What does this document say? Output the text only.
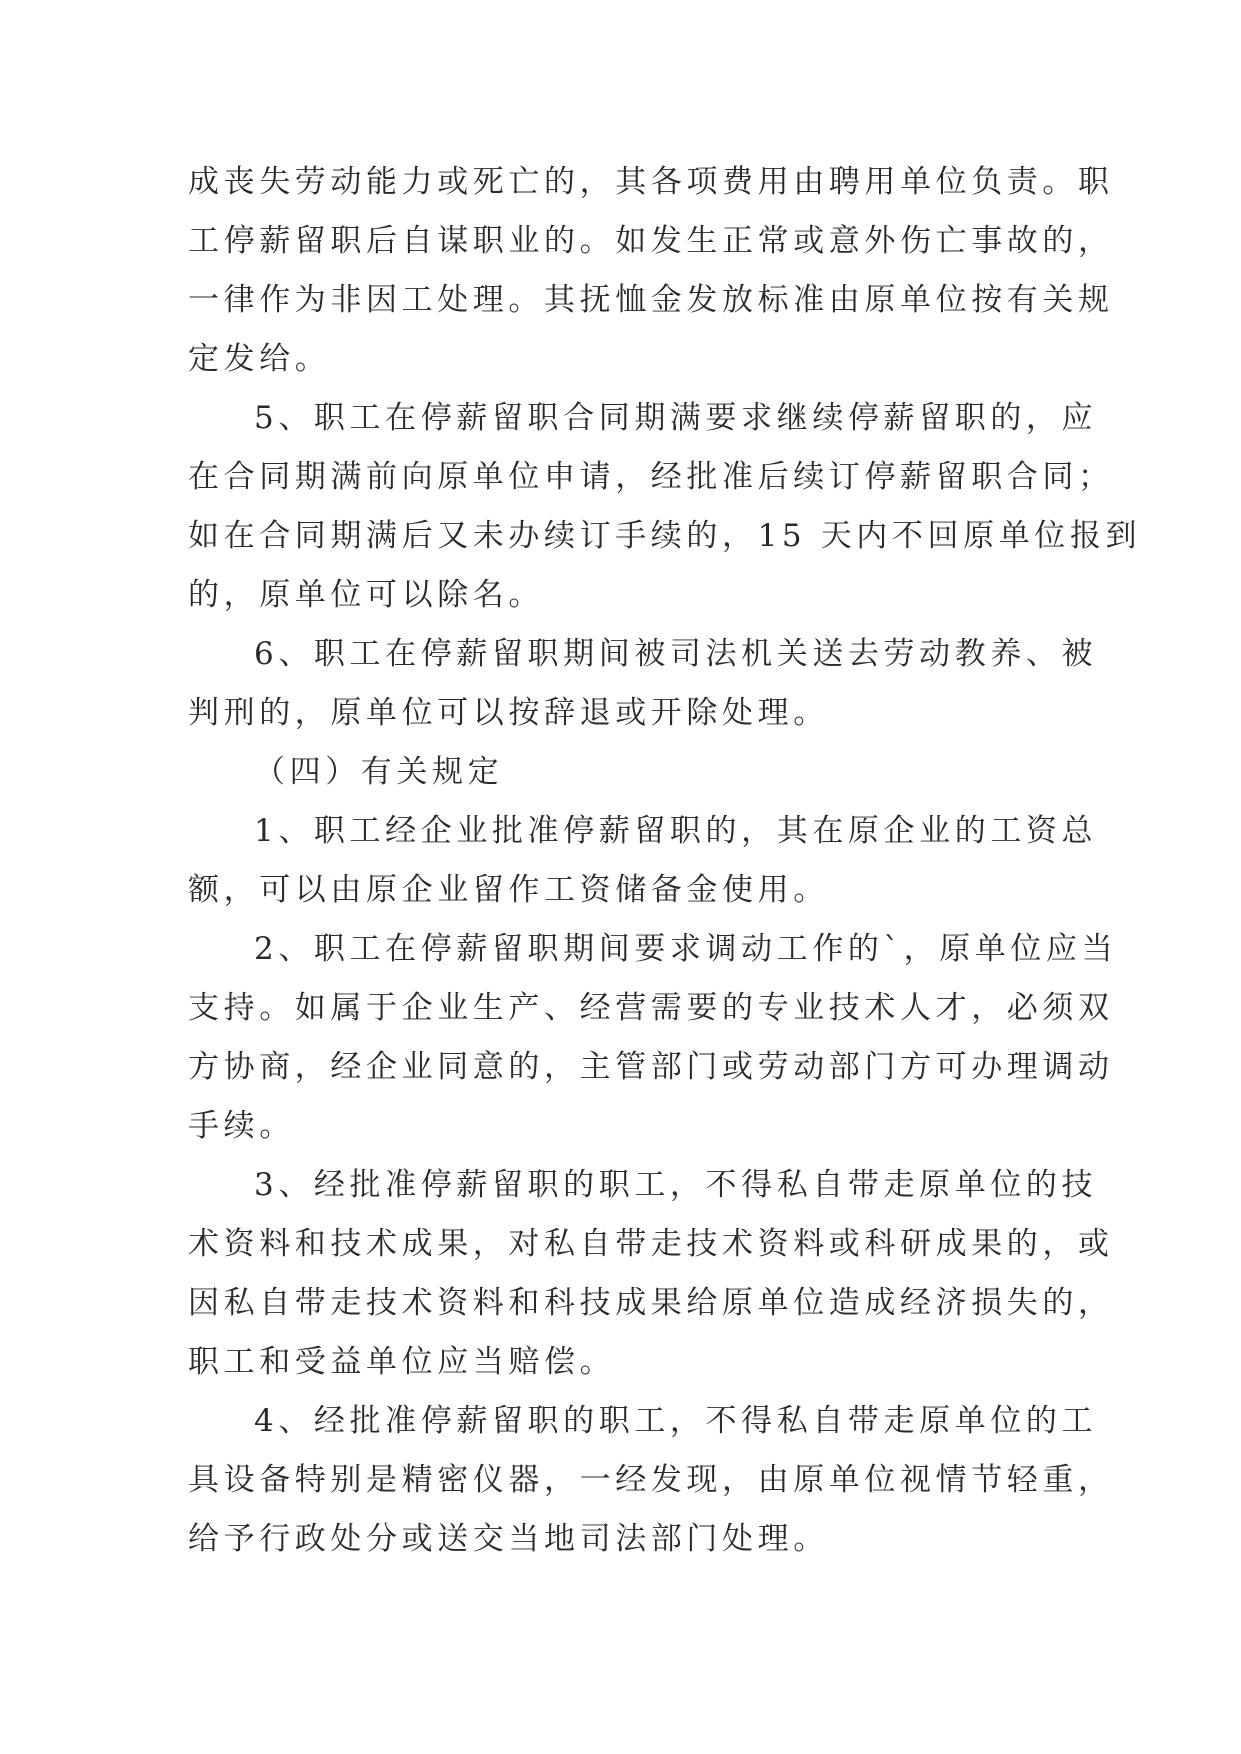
成丧失劳动能力或死亡的，其各项费用由聘用单位负责。职
工停薪留职后自谋职业的。如发生正常或意外伤亡事故的，
一律作为非因工处理。其抚恤金发放标准由原单位按有关规
定发给。
5、职工在停薪留职合同期满要求继续停薪留职的，应
在合同期满前向原单位申请，经批准后续订停薪留职合同；
如在合同期满后又未办续订手续的，15 天内不回原单位报到
的，原单位可以除名。
6、职工在停薪留职期间被司法机关送去劳动教养、被
判刑的，原单位可以按辞退或开除处理。
（四）有关规定
1、职工经企业批准停薪留职的，其在原企业的工资总
额，可以由原企业留作工资储备金使用。
2、职工在停薪留职期间要求调动工作的`，原单位应当
支持。如属于企业生产、经营需要的专业技术人才，必须双
方协商，经企业同意的，主管部门或劳动部门方可办理调动
手续。
3、经批准停薪留职的职工，不得私自带走原单位的技
术资料和技术成果，对私自带走技术资料或科研成果的，或
因私自带走技术资料和科技成果给原单位造成经济损失的，
职工和受益单位应当赔偿。
4、经批准停薪留职的职工，不得私自带走原单位的工
具设备特别是精密仪器，一经发现，由原单位视情节轻重，
给予行政处分或送交当地司法部门处理。
